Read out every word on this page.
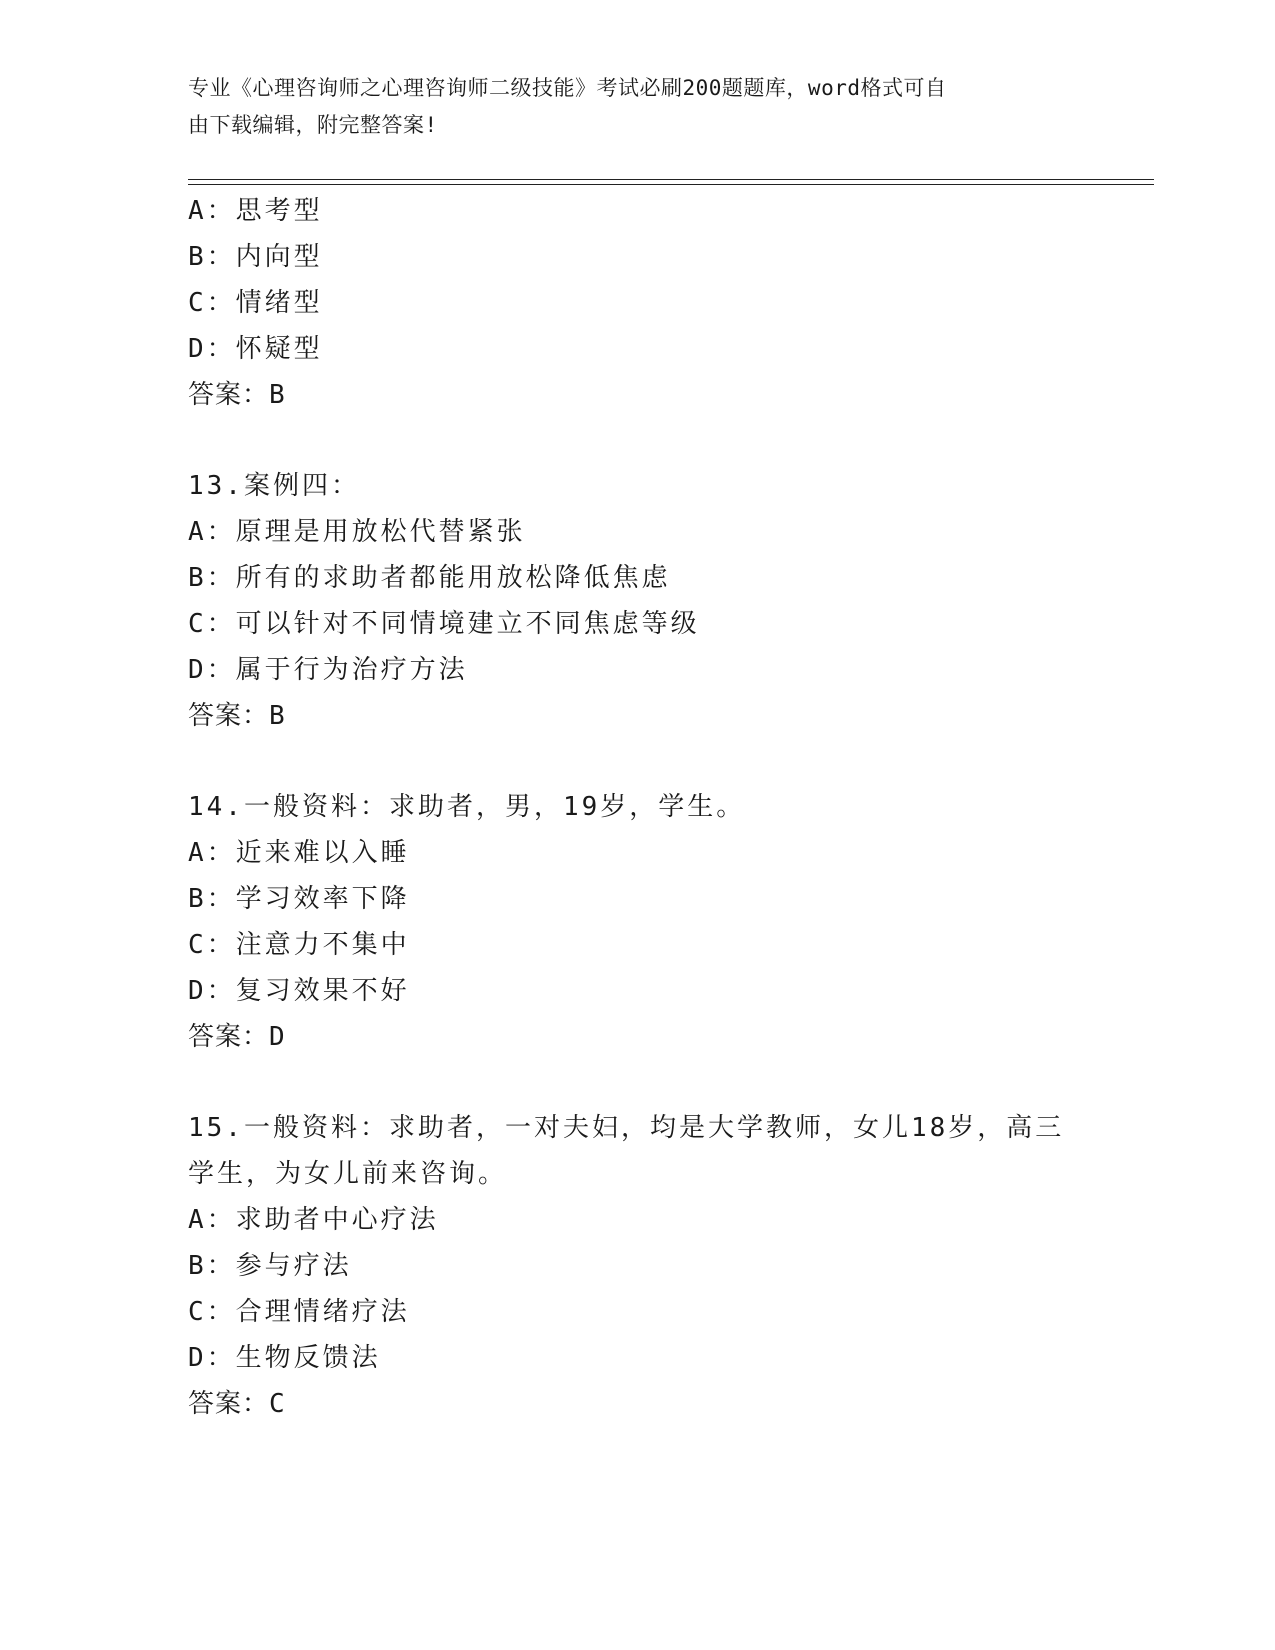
专业《心理咨询师之心理咨询师二级技能》考试必刷200题题库，word格式可自
由下载编辑，附完整答案!
A：思考型
B：内向型
C：情绪型
D：怀疑型
答案：B
13.案例四：
A：原理是用放松代替紧张
B：所有的求助者都能用放松降低焦虑
C：可以针对不同情境建立不同焦虑等级
D：属于行为治疗方法
答案：B
14.一般资料：求助者，男，19岁，学生。
A：近来难以入睡
B：学习效率下降
C：注意力不集中
D：复习效果不好
答案：D
15.一般资料：求助者，一对夫妇，均是大学教师，女儿18岁，高三
学生，为女儿前来咨询。
A：求助者中心疗法
B：参与疗法
C：合理情绪疗法
D：生物反馈法
答案：C
